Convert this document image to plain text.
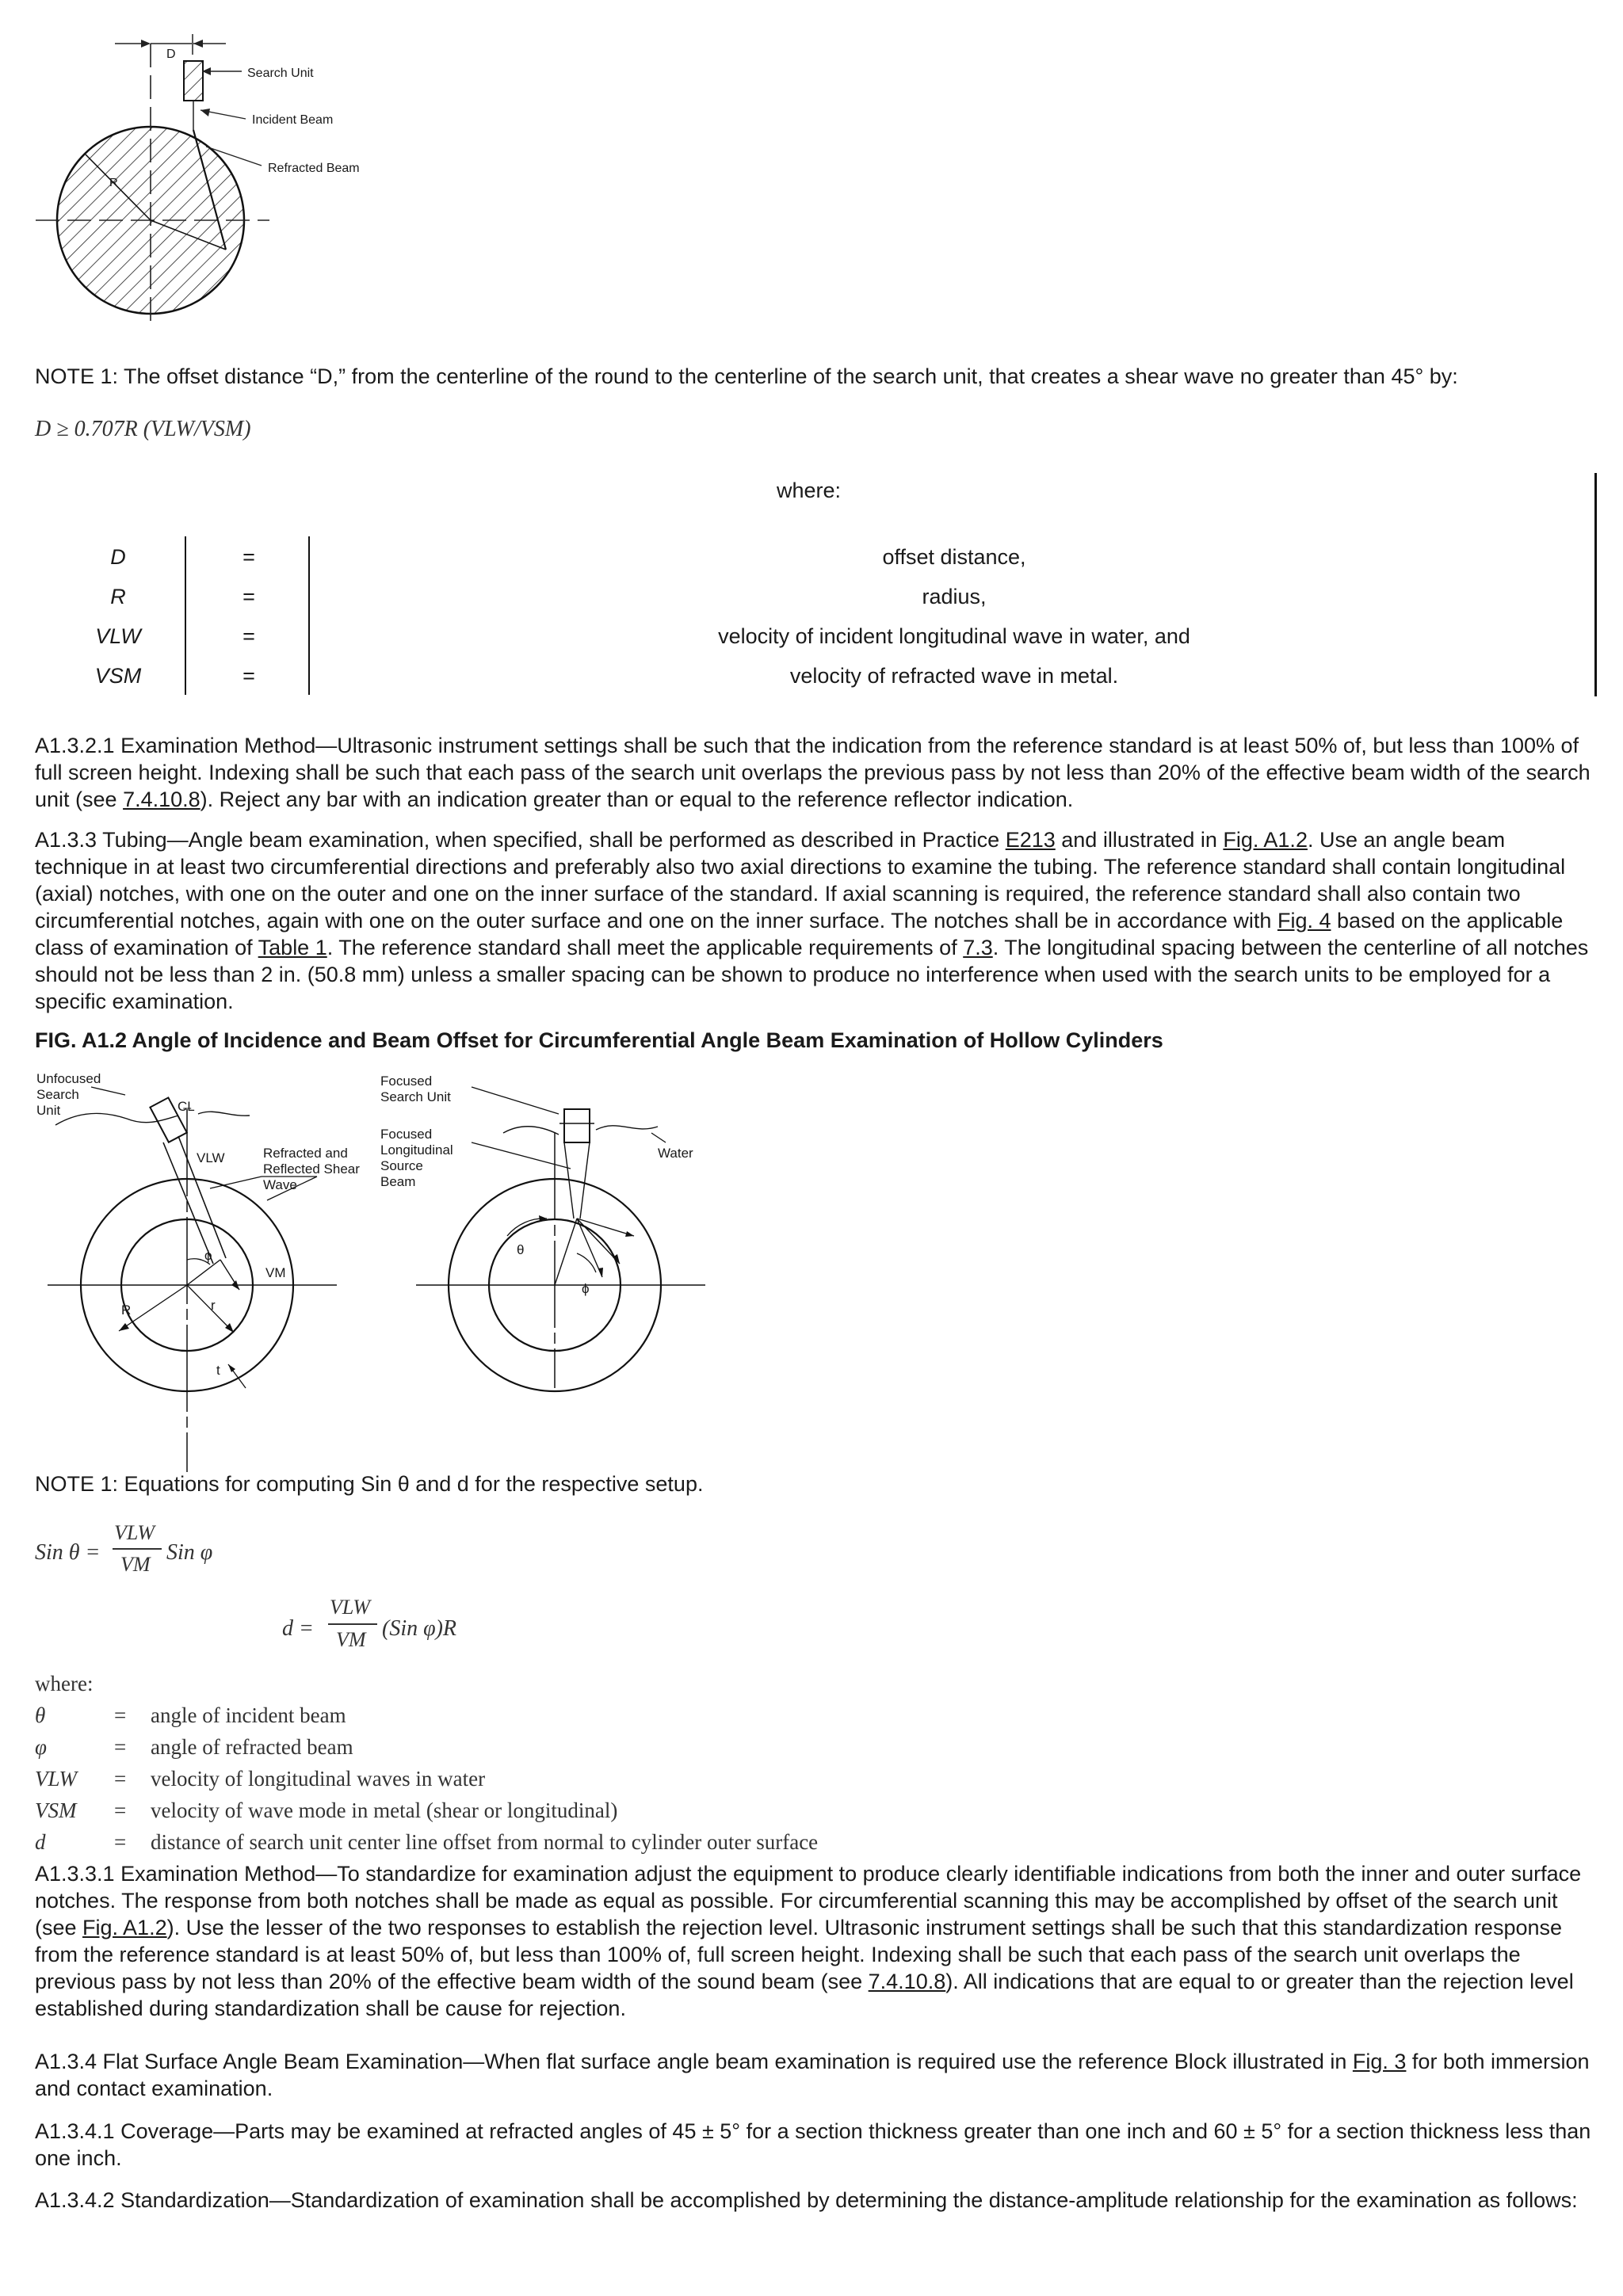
D
R
Search Unit
Incident Beam
Refracted Beam

NOTE 1: The offset distance “D,” from the centerline of the round to the centerline of the search unit, that creates a shear wave no greater than 45° by:

D ≥ 0.707R (VLW/VSM)
where:
D	=	offset distance,
R	=	radius,
VLW	=	velocity of incident longitudinal wave in water, and
VSM	=	velocity of refracted wave in metal.

A1.3.2.1 Examination Method—Ultrasonic instrument settings shall be such that the indication from the reference standard is at least 50% of, but less than 100% of full screen height. Indexing shall be such that each pass of the search unit overlaps the previous pass by not less than 20% of the effective beam width of the search unit (see 7.4.10.8). Reject any bar with an indication greater than or equal to the reference reflector indication.

A1.3.3 Tubing—Angle beam examination, when specified, shall be performed as described in Practice E213 and illustrated in Fig. A1.2. Use an angle beam technique in at least two circumferential directions and preferably also two axial directions to examine the tubing. The reference standard shall contain longitudinal (axial) notches, with one on the outer and one on the inner surface of the standard. If axial scanning is required, the reference standard shall also contain two circumferential notches, again with one on the outer surface and one on the inner surface. The notches shall be in accordance with Fig. 4 based on the applicable class of examination of Table 1. The reference standard shall meet the applicable requirements of 7.3. The longitudinal spacing between the centerline of all notches should not be less than 2 in. (50.8 mm) unless a smaller spacing can be shown to produce no interference when used with the search units to be employed for a specific examination.

FIG. A1.2 Angle of Incidence and Beam Offset for Circumferential Angle Beam Examination of Hollow Cylinders
Unfocused
Search
Unit	C̶L
VLW	Refracted and
Reflected Shear
Wave
VM
ϕ
R	r
t
Focused
Search Unit
Focused
Longitudinal
Source
Beam
Water
θ
ϕ

NOTE 1: Equations for computing Sin θ and d for the respective setup.

Sin θ =
VLW
VM Sin φ
d =
VLW
VM (Sin φ)R
where:
θ	=	angle of incident beam
φ	=	angle of refracted beam
VLW	=	velocity of longitudinal waves in water
VSM	=	velocity of wave mode in metal (shear or longitudinal)
d	=	distance of search unit center line offset from normal to cylinder outer surface

A1.3.3.1 Examination Method—To standardize for examination adjust the equipment to produce clearly identifiable indications from both the inner and outer surface notches. The response from both notches shall be made as equal as possible. For circumferential scanning this may be accomplished by offset of the search unit (see Fig. A1.2). Use the lesser of the two responses to establish the rejection level. Ultrasonic instrument settings shall be such that this standardization response from the reference standard is at least 50% of, but less than 100% of, full screen height. Indexing shall be such that each pass of the search unit overlaps the previous pass by not less than 20% of the effective beam width of the sound beam (see 7.4.10.8). All indications that are equal to or greater than the rejection level established during standardization shall be cause for rejection.

A1.3.4 Flat Surface Angle Beam Examination—When flat surface angle beam examination is required use the reference Block illustrated in Fig. 3 for both immersion and contact examination.

A1.3.4.1 Coverage—Parts may be examined at refracted angles of 45 ± 5° for a section thickness greater than one inch and 60 ± 5° for a section thickness less than one inch.

A1.3.4.2 Standardization—Standardization of examination shall be accomplished by determining the distance-amplitude relationship for the examination as follows:
